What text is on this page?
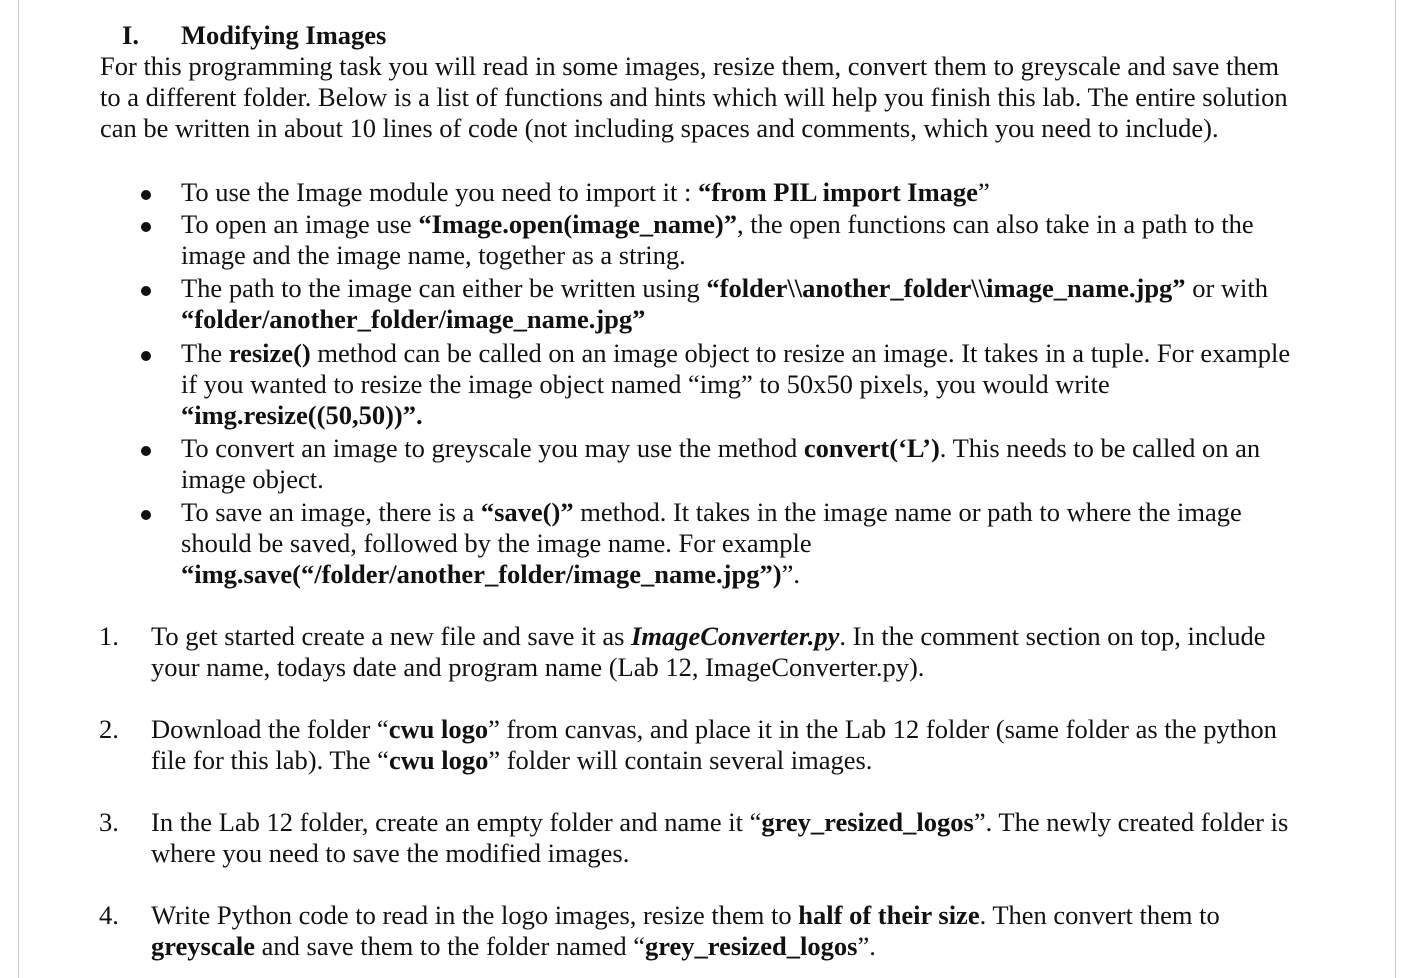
I. Modifying Images
For this programming task you will read in some images, resize them, convert them to greyscale and save them
to a different folder. Below is a list of functions and hints which will help you finish this lab. The entire solution
can be written in about 10 lines of code (not including spaces and comments, which you need to include).
To use the Image module you need to import it : “from PIL import Image”
To open an image use “Image.open(image_name)”, the open functions can also take in a path to the
image and the image name, together as a string.
The path to the image can either be written using “folder\\another_folder\\image_name.jpg” or with
“folder/another_folder/image_name.jpg”
The resize() method can be called on an image object to resize an image. It takes in a tuple. For example
if you wanted to resize the image object named “img” to 50x50 pixels, you would write
“img.resize((50,50))”.
To convert an image to greyscale you may use the method convert(‘L’). This needs to be called on an
image object.
To save an image, there is a “save()” method. It takes in the image name or path to where the image
should be saved, followed by the image name. For example
“img.save(“/folder/another_folder/image_name.jpg”)”.
1. To get started create a new file and save it as ImageConverter.py. In the comment section on top, include
your name, todays date and program name (Lab 12, ImageConverter.py).
2. Download the folder “cwu logo” from canvas, and place it in the Lab 12 folder (same folder as the python
file for this lab). The “cwu logo” folder will contain several images.
3. In the Lab 12 folder, create an empty folder and name it “grey_resized_logos”. The newly created folder is
where you need to save the modified images.
4. Write Python code to read in the logo images, resize them to half of their size. Then convert them to
greyscale and save them to the folder named “grey_resized_logos”.
